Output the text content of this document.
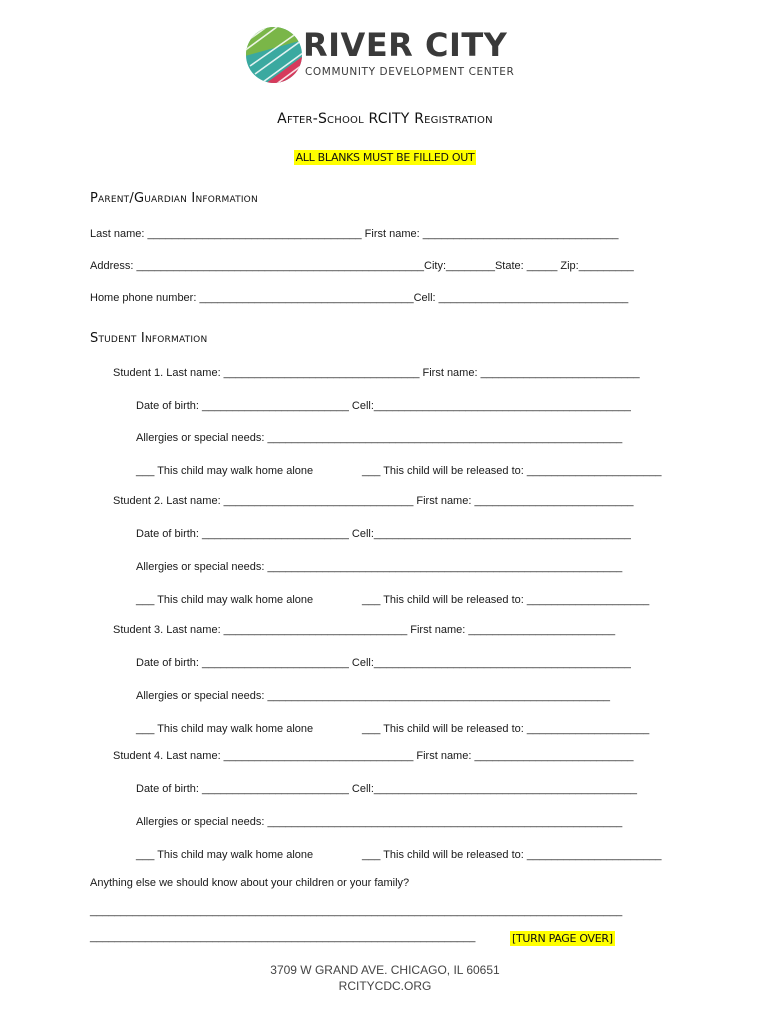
RIVER CITY
COMMUNITY DEVELOPMENT CENTER
After-School RCITY Registration
ALL BLANKS MUST BE FILLED OUT
Parent/Guardian Information
Last name: ___________________________________ First name: ________________________________
Address: _______________________________________________City:________State: _____ Zip:_________
Home phone number: ___________________________________Cell: _______________________________
Student Information
Student 1. Last name: ________________________________ First name: __________________________
Date of birth: ________________________ Cell:__________________________________________
Allergies or special needs: __________________________________________________________
___ This child may walk home alone	___ This child will be released to: ______________________
Student 2. Last name: _______________________________ First name: __________________________
Date of birth: ________________________ Cell:__________________________________________
Allergies or special needs: __________________________________________________________
___ This child may walk home alone	___ This child will be released to: ____________________
Student 3. Last name: ______________________________ First name: ________________________
Date of birth: ________________________ Cell:__________________________________________
Allergies or special needs: ________________________________________________________
___ This child may walk home alone	___ This child will be released to: ____________________
Student 4. Last name: _______________________________ First name: __________________________
Date of birth: ________________________ Cell:___________________________________________
Allergies or special needs: __________________________________________________________
___ This child may walk home alone	___ This child will be released to: ______________________
Anything else we should know about your children or your family?
_______________________________________________________________________________________
_______________________________________________________________	[TURN PAGE OVER]
3709 W GRAND AVE. CHICAGO, IL 60651
RCITYCDC.ORG
